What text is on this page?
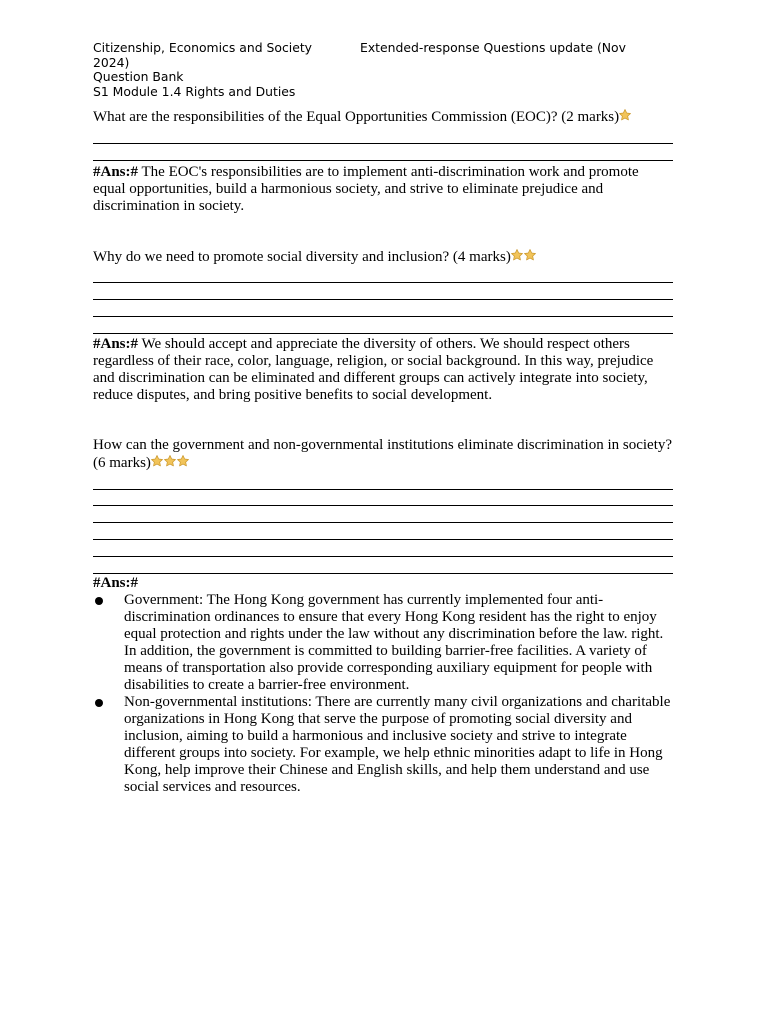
Citizenship, Economics and Society	Extended-response Questions update (Nov
2024)
Question Bank
S1 Module 1.4 Rights and Duties

What are the responsibilities of the Equal Opportunities Commission (EOC)? (2 marks)

#Ans:# The EOC's responsibilities are to implement anti-discrimination work and promote equal opportunities, build a harmonious society, and strive to eliminate prejudice and discrimination in society.

Why do we need to promote social diversity and inclusion? (4 marks)

#Ans:# We should accept and appreciate the diversity of others. We should respect others regardless of their race, color, language, religion, or social background. In this way, prejudice and discrimination can be eliminated and different groups can actively integrate into society, reduce disputes, and bring positive benefits to social development.

How can the government and non-governmental institutions eliminate discrimination in society? (6 marks)

#Ans:#
Government: The Hong Kong government has currently implemented four anti-discrimination ordinances to ensure that every Hong Kong resident has the right to enjoy equal protection and rights under the law without any discrimination before the law. right. In addition, the government is committed to building barrier-free facilities. A variety of means of transportation also provide corresponding auxiliary equipment for people with disabilities to create a barrier-free environment.
Non-governmental institutions: There are currently many civil organizations and charitable organizations in Hong Kong that serve the purpose of promoting social diversity and inclusion, aiming to build a harmonious and inclusive society and strive to integrate different groups into society. For example, we help ethnic minorities adapt to life in Hong Kong, help improve their Chinese and English skills, and help them understand and use social services and resources.
